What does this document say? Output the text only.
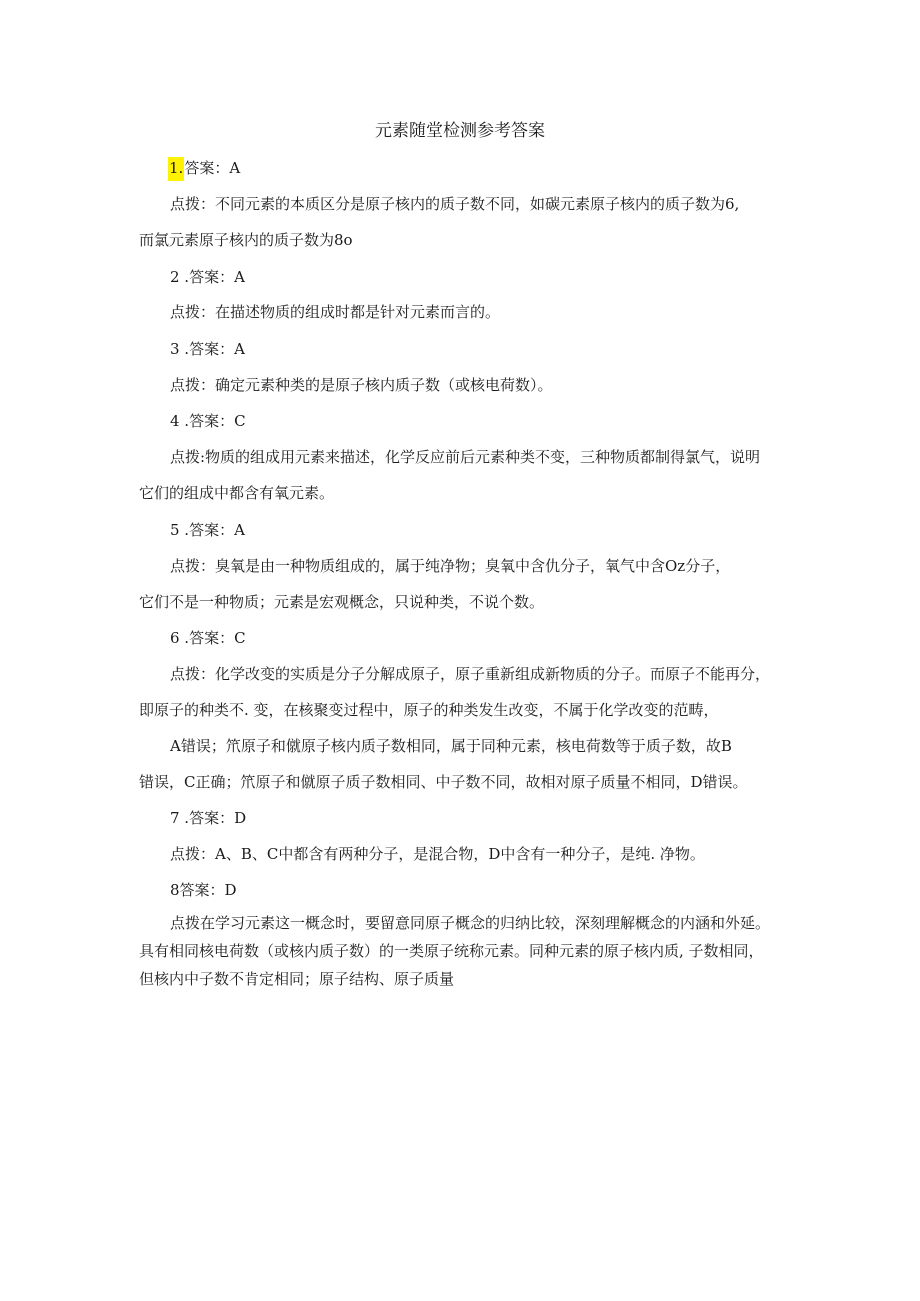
元素随堂检测参考答案
1.答案：A
点拨：不同元素的本质区分是原子核内的质子数不同，如碳元素原子核内的质子数为6,
而氯元素原子核内的质子数为8o
2 .答案：A
点拨：在描述物质的组成时都是针对元素而言的。
3 .答案：A
点拨：确定元素种类的是原子核内质子数（或核电荷数）。
4 .答案：C
点拨:物质的组成用元素来描述，化学反应前后元素种类不变，三种物质都制得氯气，说明
它们的组成中都含有氧元素。
5 .答案：A
点拨：臭氧是由一种物质组成的，属于纯净物；臭氧中含仇分子，氧气中含Oz分子，
它们不是一种物质；元素是宏观概念，只说种类，不说个数。
6 .答案：C
点拨：化学改变的实质是分子分解成原子，原子重新组成新物质的分子。而原子不能再分，
即原子的种类不. 变，在核聚变过程中，原子的种类发生改变，不属于化学改变的范畴，
A错误；笊原子和僦原子核内质子数相同，属于同种元素，核电荷数等于质子数，故B
错误，C正确；笊原子和僦原子质子数相同、中子数不同，故相对原子质量不相同，D错误。
7 .答案：D
点拨：A、B、C中都含有两种分子，是混合物，D中含有一种分子，是纯. 净物。
8答案：D
点拨在学习元素这一概念时，要留意同原子概念的归纳比较，深刻理解概念的内涵和外延。
具有相同核电荷数（或核内质子数）的一类原子统称元素。同种元素的原子核内质, 子数相同，
但核内中子数不肯定相同；原子结构、原子质量
